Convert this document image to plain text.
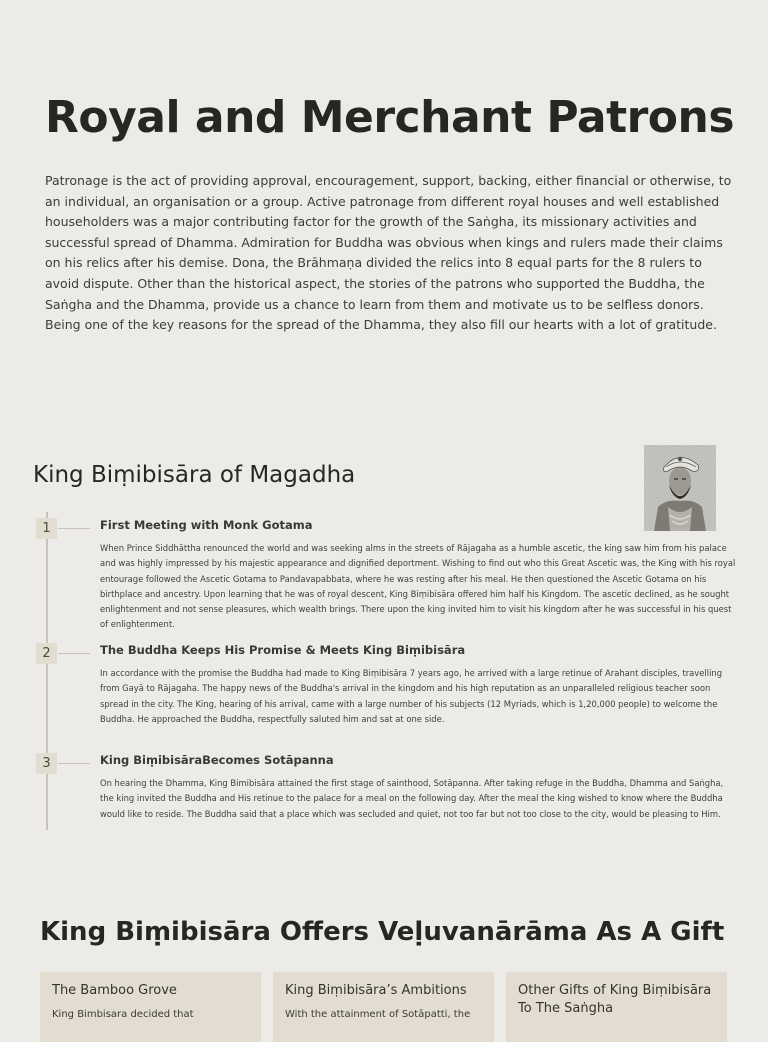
Royal and Merchant Patrons

Patronage is the act of providing approval, encouragement, support, backing, either financial or otherwise, to an individual, an organisation or a group. Active patronage from different royal houses and well established householders was a major contributing factor for the growth of the Saṅgha, its missionary activities and successful spread of Dhamma. Admiration for Buddha was obvious when kings and rulers made their claims on his relics after his demise. Dona, the Brāhmaṇa divided the relics into 8 equal parts for the 8 rulers to avoid dispute. Other than the historical aspect, the stories of the patrons who supported the Buddha, the Saṅgha and the Dhamma, provide us a chance to learn from them and motivate us to be selfless donors. Being one of the key reasons for the spread of the Dhamma, they also fill our hearts with a lot of gratitude.

King Biṃibisāra of Magadha
1	First Meeting with Monk Gotama

When Prince Siddhāttha renounced the world and was seeking alms in the streets of Rājagaha as a humble ascetic, the king saw him from his palace and was highly impressed by his majestic appearance and dignified deportment. Wishing to find out who this Great Ascetic was, the King with his royal entourage followed the Ascetic Gotama to Pandavapabbata, where he was resting after his meal. He then questioned the Ascetic Gotama on his birthplace and ancestry. Upon learning that he was of royal descent, King Biṃibisāra offered him half his Kingdom. The ascetic declined, as he sought enlightenment and not sense pleasures, which wealth brings. There upon the king invited him to visit his kingdom after he was successful in his quest of enlightenment.

2	The Buddha Keeps His Promise & Meets King Biṃibisāra

In accordance with the promise the Buddha had made to King Biṃibisāra 7 years ago, he arrived with a large retinue of Arahant disciples, travelling from Gayā to Rājagaha. The happy news of the Buddha's arrival in the kingdom and his high reputation as an unparalleled religious teacher soon spread in the city. The King, hearing of his arrival, came with a large number of his subjects (12 Myriads, which is 1,20,000 people) to welcome the Buddha. He approached the Buddha, respectfully saluted him and sat at one side.

3	King BiṃibisāraBecomes Sotāpanna

On hearing the Dhamma, King Bimibisāra attained the first stage of sainthood, Sotāpanna. After taking refuge in the Buddha, Dhamma and Saṅgha, the king invited the Buddha and His retinue to the palace for a meal on the following day. After the meal the king wished to know where the Buddha would like to reside. The Buddha said that a place which was secluded and quiet, not too far but not too close to the city, would be pleasing to Him.

King Biṃibisāra Offers Veḷuvanārāma As A Gift
The Bamboo Grove

King Bimbisara decided that

King Biṃibisāra’s Ambitions

With the attainment of Sotāpatti, the

Other Gifts of King Biṃibisāra To The Saṅgha
